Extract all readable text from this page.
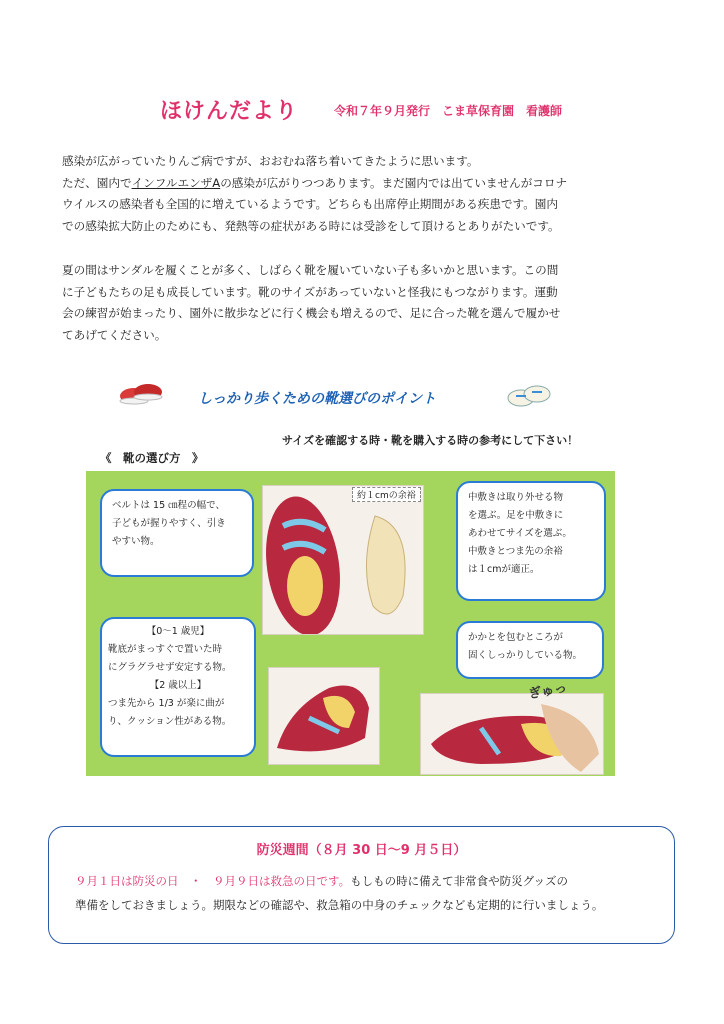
ほけんだより	令和７年９月発行　こま草保育園　看護師

感染が広がっていたりんご病ですが、おおむね落ち着いてきたように思います。

ただ、園内でインフルエンザAの感染が広がりつつあります。まだ園内では出ていませんがコロナ

ウイルスの感染者も全国的に増えているようです。どちらも出席停止期間がある疾患です。園内

での感染拡大防止のためにも、発熱等の症状がある時には受診をして頂けるとありがたいです。

夏の間はサンダルを履くことが多く、しばらく靴を履いていない子も多いかと思います。この間

に子どもたちの足も成長しています。靴のサイズがあっていないと怪我にもつながります。運動

会の練習が始まったり、園外に散歩などに行く機会も増えるので、足に合った靴を選んで履かせ

てあげてください。

しっかり歩くための靴選びのポイント
サイズを確認する時・靴を購入する時の参考にして下さい！
《　靴の選び方　》

ベルトは 15 ㎝程の幅で、

子どもが握りやすく、引き

やすい物。

中敷きは取り外せる物

を選ぶ。足を中敷きに

あわせてサイズを選ぶ。

中敷きとつま先の余裕

は１cmが適正。

【0～1 歳児】

靴底がまっすぐで置いた時

にグラグラせず安定する物。

【2 歳以上】

つま先から 1/3 が楽に曲が

り、クッション性がある物。

かかとを包むところが

固くしっかりしている物。

約１cmの余裕
ぎゅっ
防災週間（８月 30 日～9 月５日）
９月１日は防災の日　・　９月９日は救急の日です。もしもの時に備えて非常食や防災グッズの
準備をしておきましょう。期限などの確認や、救急箱の中身のチェックなども定期的に行いましょう。
